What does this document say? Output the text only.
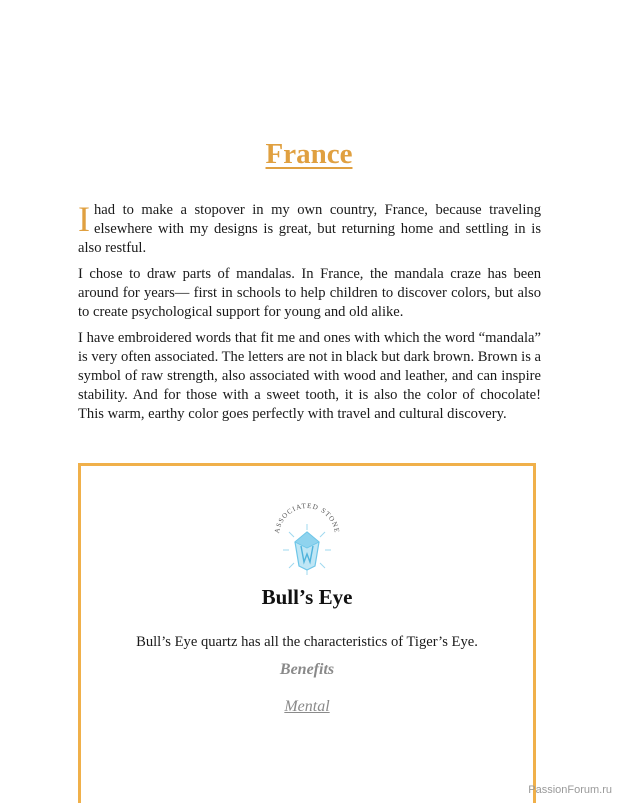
France

Ihad to make a stopover in my own country, France, because traveling elsewhere with my designs is great, but returning home and settling in is also restful.

I chose to draw parts of mandalas. In France, the mandala craze has been around for years— first in schools to help children to discover colors, but also to create psychological support for young and old alike.

I have embroidered words that fit me and ones with which the word “mandala” is very often associated. The letters are not in black but dark brown. Brown is a symbol of raw strength, also associated with wood and leather, and can inspire stability. And for those with a sweet tooth, it is also the color of chocolate! This warm, earthy color goes perfectly with travel and cultural discovery.

ASSOCIATED STONE
Bull’s Eye

Bull’s Eye quartz has all the characteristics of Tiger’s Eye.

Benefits

Mental

PassionForum.ru
